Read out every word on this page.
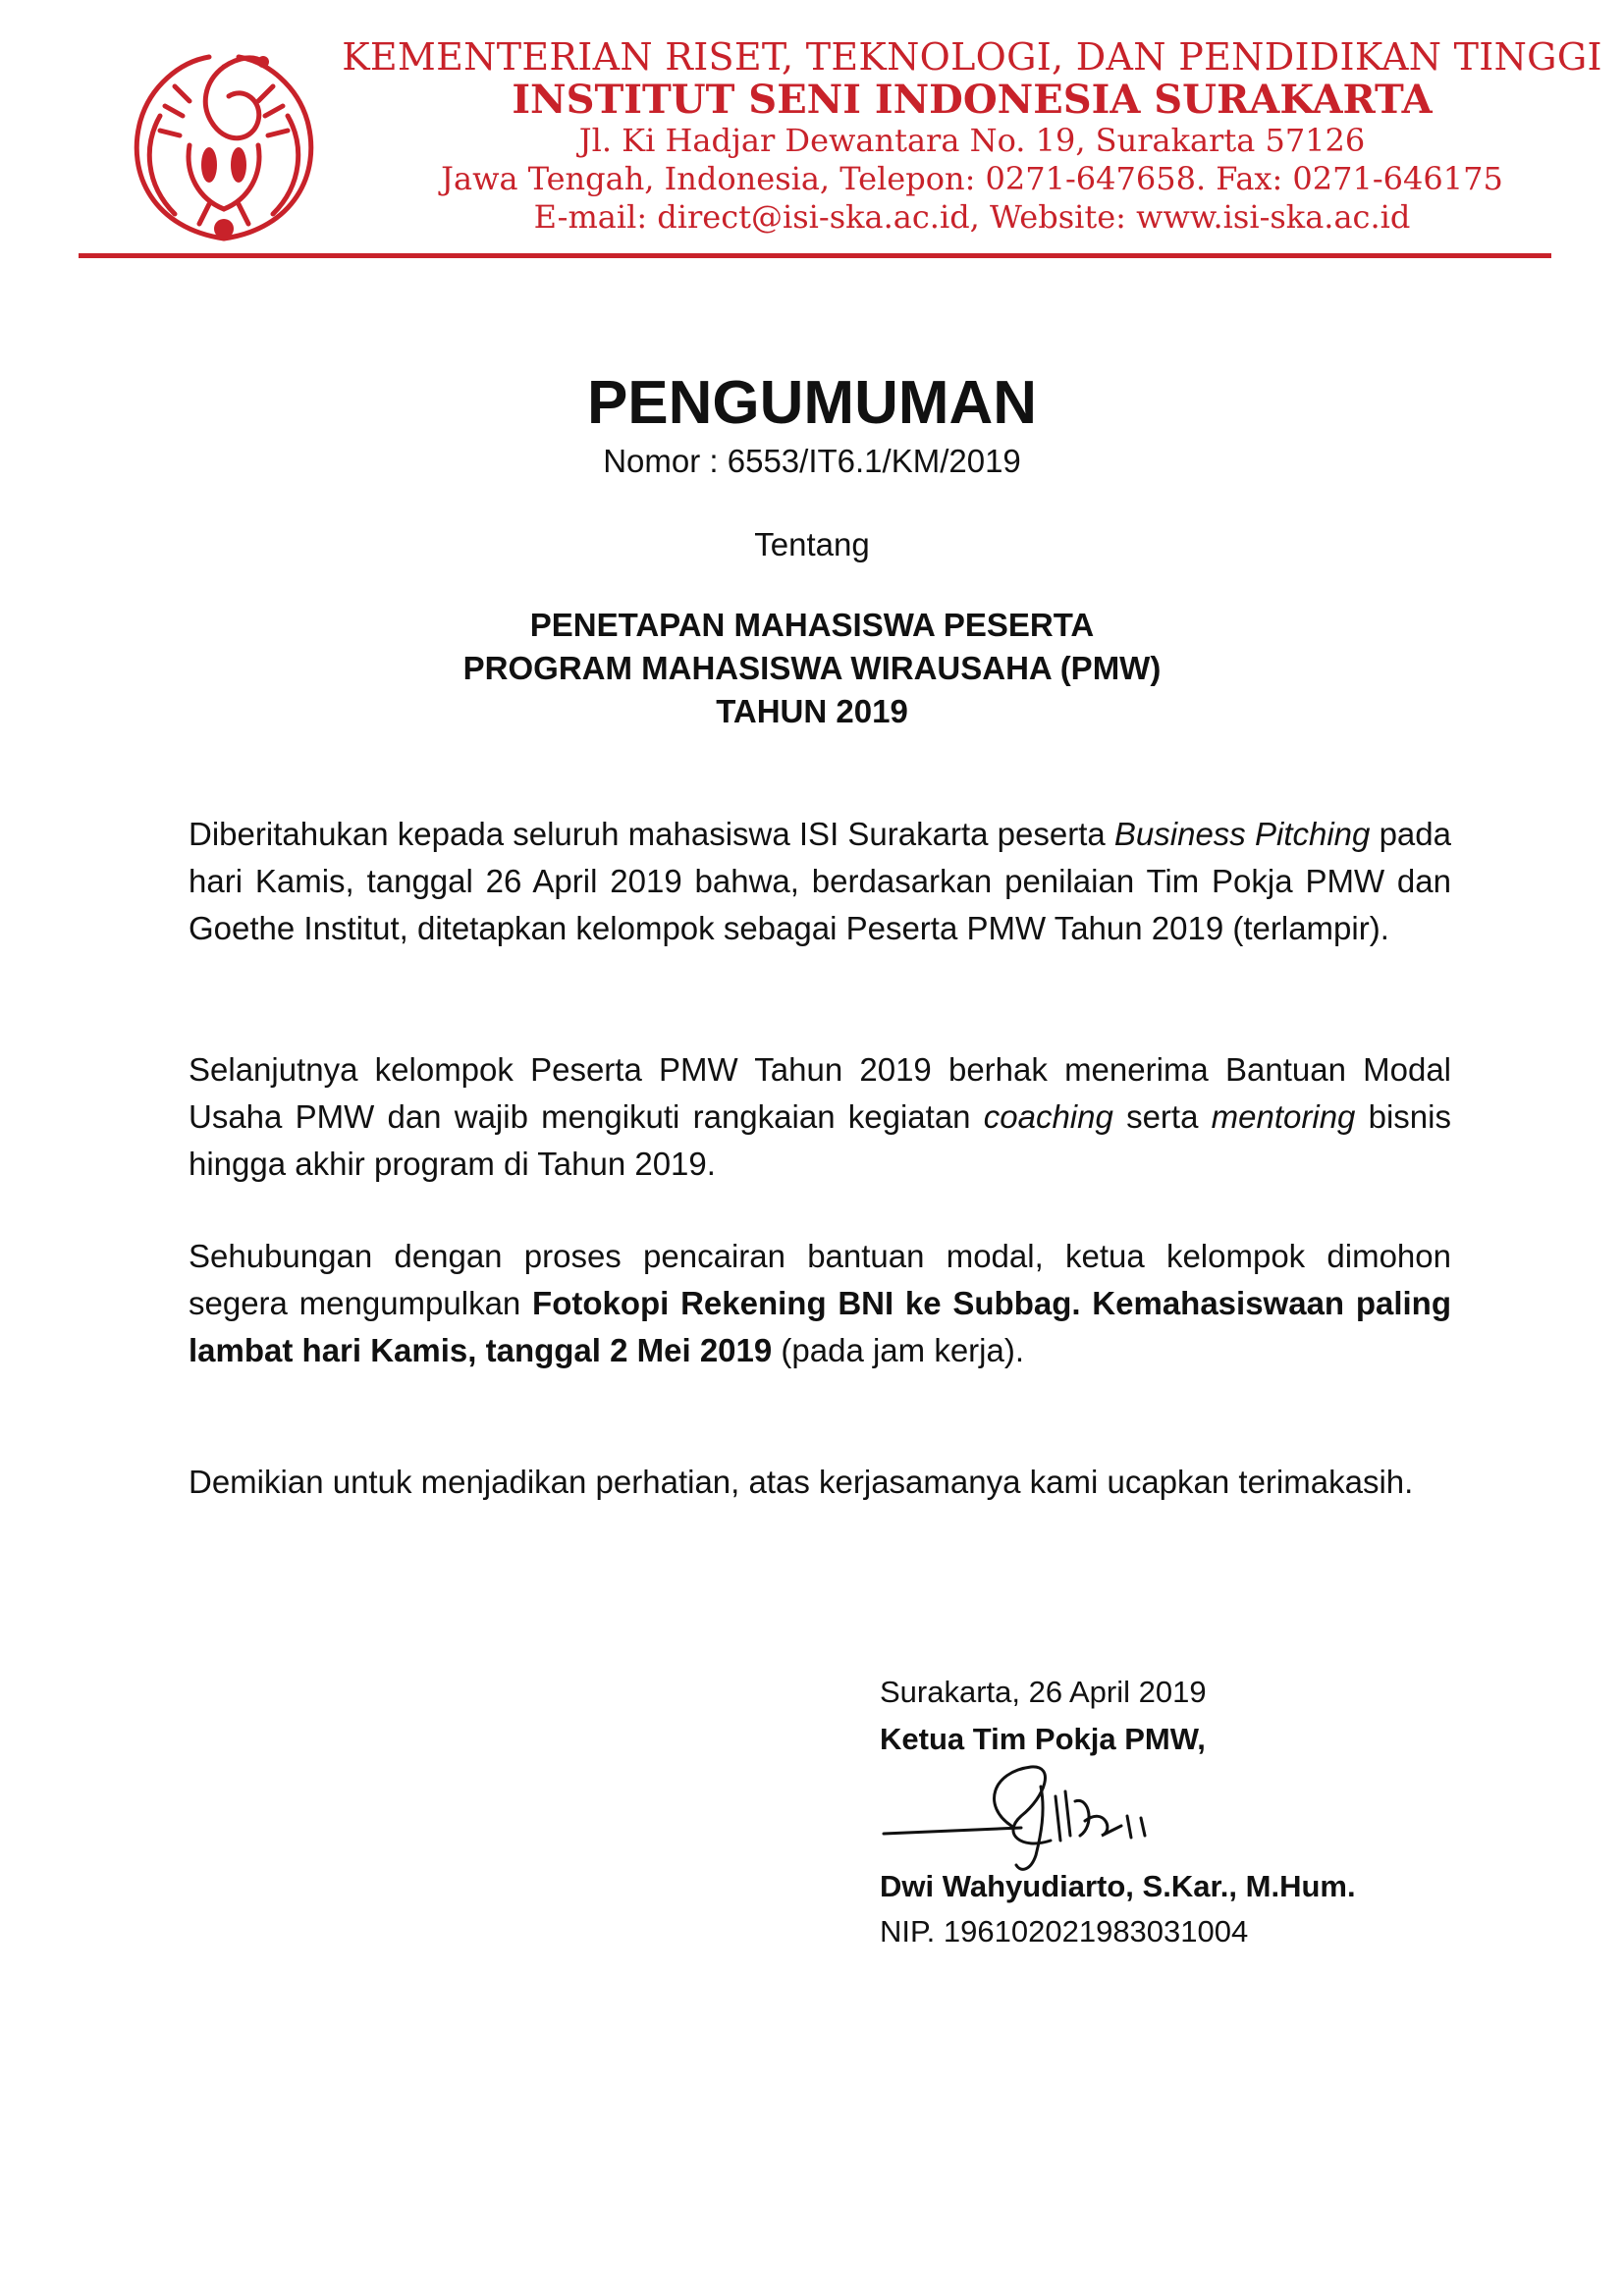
KEMENTERIAN RISET, TEKNOLOGI, DAN PENDIDIKAN TINGGI
INSTITUT SENI INDONESIA SURAKARTA
Jl. Ki Hadjar Dewantara No. 19, Surakarta 57126
Jawa Tengah, Indonesia, Telepon: 0271-647658. Fax: 0271-646175
E-mail: direct@isi-ska.ac.id, Website: www.isi-ska.ac.id
PENGUMUMAN
Nomor : 6553/IT6.1/KM/2019
Tentang
PENETAPAN MAHASISWA PESERTA
PROGRAM MAHASISWA WIRAUSAHA (PMW)
TAHUN 2019

Diberitahukan kepada seluruh mahasiswa ISI Surakarta peserta Business Pitching pada hari Kamis, tanggal 26 April 2019 bahwa, berdasarkan penilaian Tim Pokja PMW dan Goethe Institut, ditetapkan kelompok sebagai Peserta PMW Tahun 2019 (terlampir).

Selanjutnya kelompok Peserta PMW Tahun 2019 berhak menerima Bantuan Modal Usaha PMW dan wajib mengikuti rangkaian kegiatan coaching serta mentoring bisnis hingga akhir program di Tahun 2019.

Sehubungan dengan proses pencairan bantuan modal, ketua kelompok dimohon segera mengumpulkan Fotokopi Rekening BNI ke Subbag. Kemahasiswaan paling lambat hari Kamis, tanggal 2 Mei 2019 (pada jam kerja).

Demikian untuk menjadikan perhatian, atas kerjasamanya kami ucapkan terimakasih.

Surakarta, 26 April 2019
Ketua Tim Pokja PMW,
Dwi Wahyudiarto, S.Kar., M.Hum.
NIP. 196102021983031004
